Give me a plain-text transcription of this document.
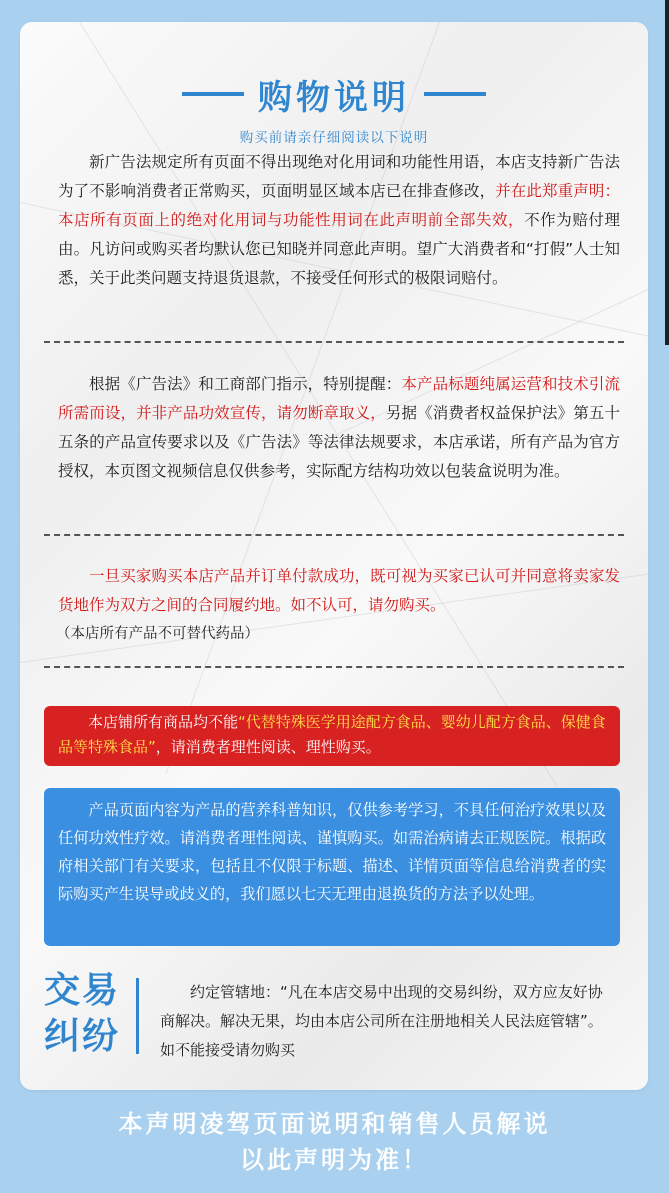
购物说明
购买前请亲仔细阅读以下说明

新广告法规定所有页面不得出现绝对化用词和功能性用语，本店支持新广告法为了不影响消费者正常购买，页面明显区域本店已在排查修改，并在此郑重声明：本店所有页面上的绝对化用词与功能性用词在此声明前全部失效，不作为赔付理由。凡访问或购买者均默认您已知晓并同意此声明。望广大消费者和“打假”人士知悉，关于此类问题支持退货退款，不接受任何形式的极限词赔付。

根据《广告法》和工商部门指示，特别提醒：本产品标题纯属运营和技术引流所需而设，并非产品功效宣传，请勿断章取义，另据《消费者权益保护法》第五十五条的产品宣传要求以及《广告法》等法律法规要求，本店承诺，所有产品为官方授权，本页图文视频信息仅供参考，实际配方结构功效以包装盒说明为准。

一旦买家购买本店产品并订单付款成功，既可视为买家已认可并同意将卖家发货地作为双方之间的合同履约地。如不认可，请勿购买。

（本店所有产品不可替代药品）
本店铺所有商品均不能“代替特殊医学用途配方食品、婴幼儿配方食品、保健食品等特殊食品”，请消费者理性阅读、理性购买。

产品页面内容为产品的营养科普知识，仅供参考学习，不具任何治疗效果以及任何功效性疗效。请消费者理性阅读、谨慎购买。如需治病请去正规医院。根据政府相关部门有关要求，包括且不仅限于标题、描述、详情页面等信息给消费者的实际购买产生误导或歧义的，我们愿以七天无理由退换货的方法予以处理。

交易
纠纷

约定管辖地：“凡在本店交易中出现的交易纠纷，双方应友好协商解决。解决无果，均由本店公司所在注册地相关人民法庭管辖”。 如不能接受请勿购买

本声明凌驾页面说明和销售人员解说
以此声明为准！
